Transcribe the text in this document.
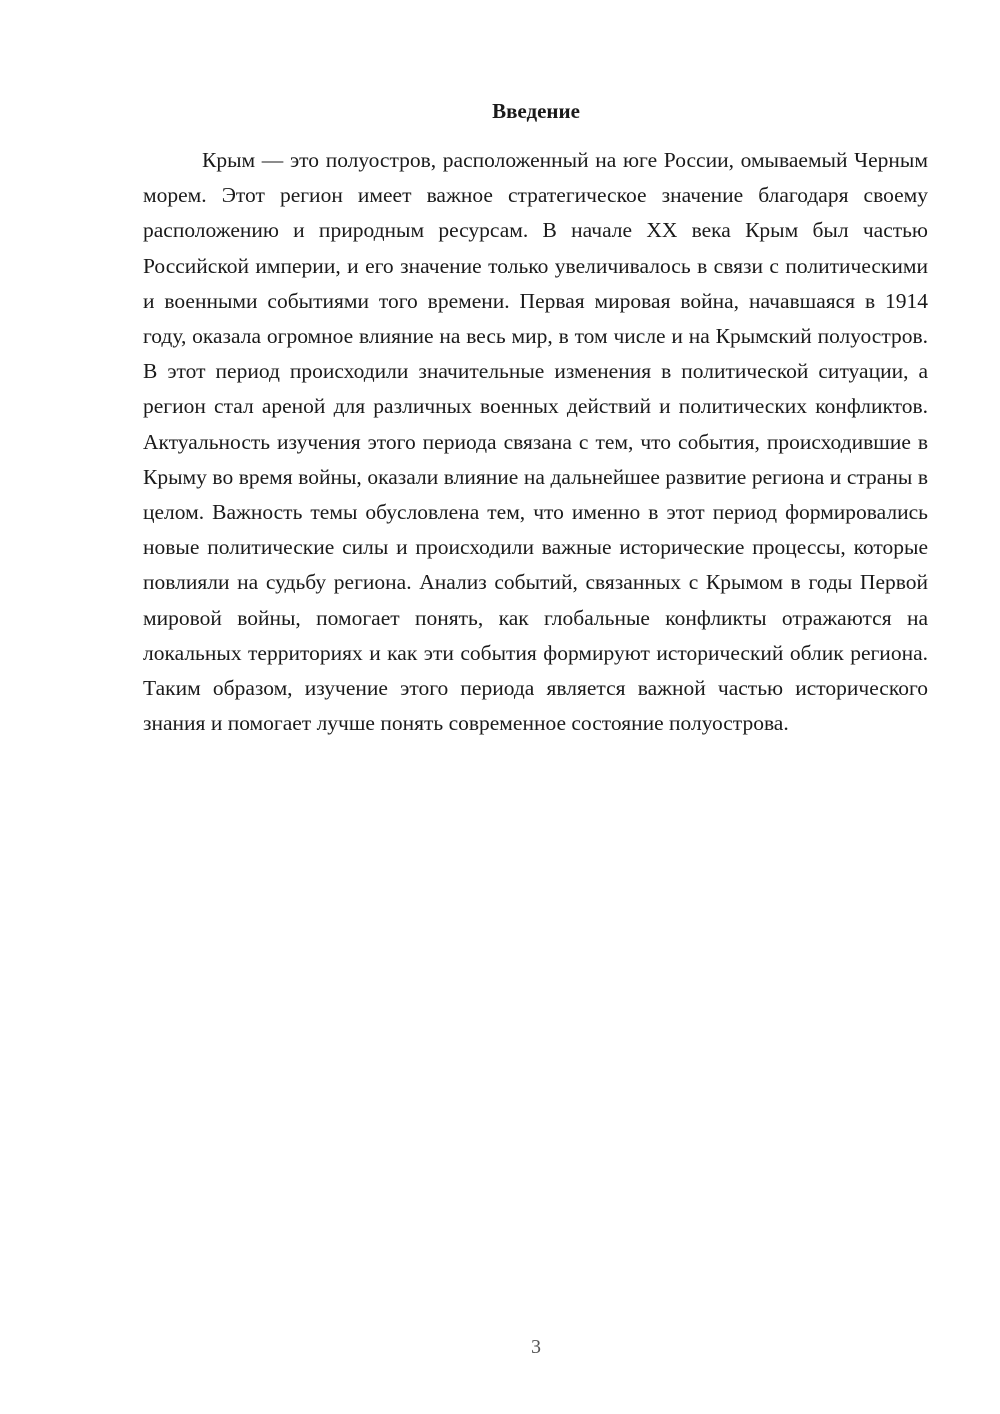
Введение

Крым — это полуостров, расположенный на юге России, омываемый Черным морем. Этот регион имеет важное стратегическое значение благодаря своему расположению и природным ресурсам. В начале XX века Крым был частью Российской империи, и его значение только увеличивалось в связи с политическими и военными событиями того времени. Первая мировая война, начавшаяся в 1914 году, оказала огромное влияние на весь мир, в том числе и на Крымский полуостров. В этот период происходили значительные изменения в политической ситуации, а регион стал ареной для различных военных действий и политических конфликтов. Актуальность изучения этого периода связана с тем, что события, происходившие в Крыму во время войны, оказали влияние на дальнейшее развитие региона и страны в целом. Важность темы обусловлена тем, что именно в этот период формировались новые политические силы и происходили важные исторические процессы, которые повлияли на судьбу региона. Анализ событий, связанных с Крымом в годы Первой мировой войны, помогает понять, как глобальные конфликты отражаются на локальных территориях и как эти события формируют исторический облик региона. Таким образом, изучение этого периода является важной частью исторического знания и помогает лучше понять современное состояние полуострова.

3
